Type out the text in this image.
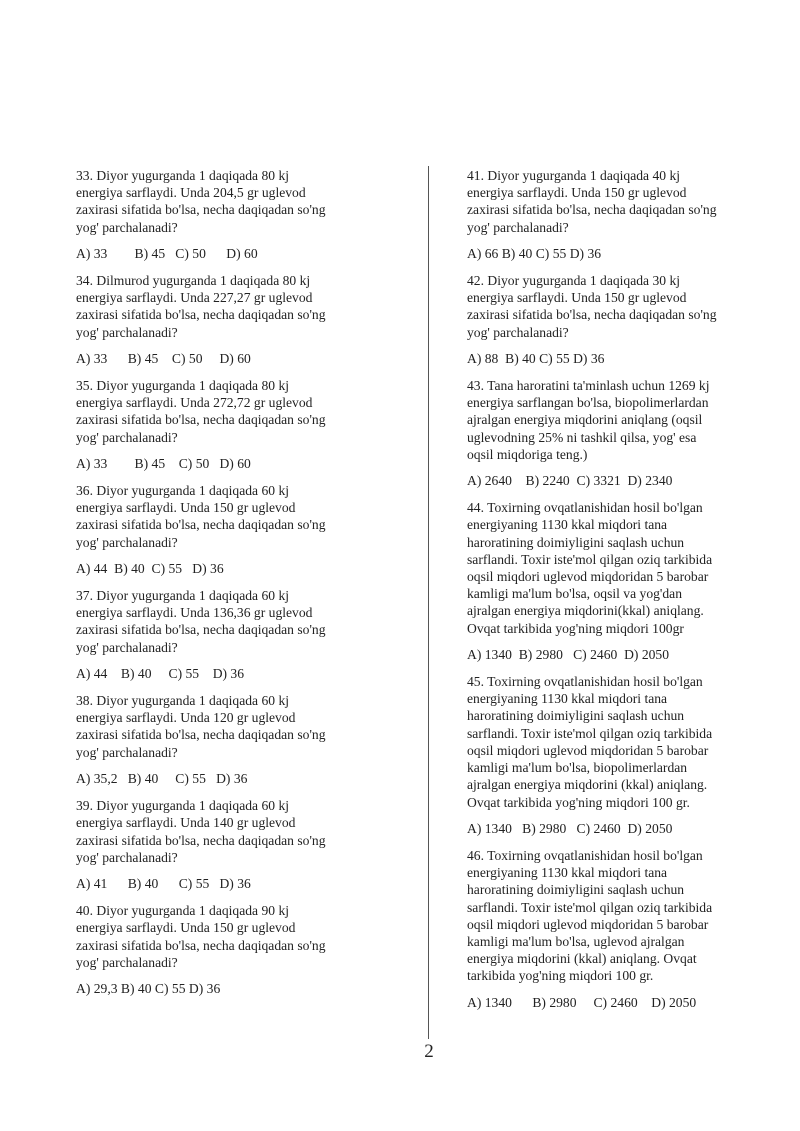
33. Diyor yugurganda 1 daqiqada 80 kj
energiya sarflaydi. Unda 204,5 gr uglevod
zaxirasi sifatida bo'lsa, necha daqiqadan so'ng
yog' parchalanadi?
A) 33        B) 45   C) 50      D) 60
34. Dilmurod yugurganda 1 daqiqada 80 kj
energiya sarflaydi. Unda 227,27 gr uglevod
zaxirasi sifatida bo'lsa, necha daqiqadan so'ng
yog' parchalanadi?
A) 33      B) 45    C) 50     D) 60
35. Diyor yugurganda 1 daqiqada 80 kj
energiya sarflaydi. Unda 272,72 gr uglevod
zaxirasi sifatida bo'lsa, necha daqiqadan so'ng
yog' parchalanadi?
A) 33        B) 45    C) 50   D) 60
36. Diyor yugurganda 1 daqiqada 60 kj
energiya sarflaydi. Unda 150 gr uglevod
zaxirasi sifatida bo'lsa, necha daqiqadan so'ng
yog' parchalanadi?
A) 44  B) 40  C) 55   D) 36
37. Diyor yugurganda 1 daqiqada 60 kj
energiya sarflaydi. Unda 136,36 gr uglevod
zaxirasi sifatida bo'lsa, necha daqiqadan so'ng
yog' parchalanadi?
A) 44    B) 40     C) 55    D) 36
38. Diyor yugurganda 1 daqiqada 60 kj
energiya sarflaydi. Unda 120 gr uglevod
zaxirasi sifatida bo'lsa, necha daqiqadan so'ng
yog' parchalanadi?
A) 35,2   B) 40     C) 55   D) 36
39. Diyor yugurganda 1 daqiqada 60 kj
energiya sarflaydi. Unda 140 gr uglevod
zaxirasi sifatida bo'lsa, necha daqiqadan so'ng
yog' parchalanadi?
A) 41      B) 40      C) 55   D) 36
40. Diyor yugurganda 1 daqiqada 90 kj
energiya sarflaydi. Unda 150 gr uglevod
zaxirasi sifatida bo'lsa, necha daqiqadan so'ng
yog' parchalanadi?
A) 29,3 B) 40 C) 55 D) 36
41. Diyor yugurganda 1 daqiqada 40 kj
energiya sarflaydi. Unda 150 gr uglevod
zaxirasi sifatida bo'lsa, necha daqiqadan so'ng
yog' parchalanadi?
A) 66 B) 40 C) 55 D) 36
42. Diyor yugurganda 1 daqiqada 30 kj
energiya sarflaydi. Unda 150 gr uglevod
zaxirasi sifatida bo'lsa, necha daqiqadan so'ng
yog' parchalanadi?
A) 88  B) 40 C) 55 D) 36
43. Tana haroratini ta'minlash uchun 1269 kj
energiya sarflangan bo'lsa, biopolimerlardan
ajralgan energiya miqdorini aniqlang (oqsil
uglevodning 25% ni tashkil qilsa, yog' esa
oqsil miqdoriga teng.)
A) 2640    B) 2240  C) 3321  D) 2340
44. Toxirning ovqatlanishidan hosil bo'lgan
energiyaning 1130 kkal miqdori tana
haroratining doimiyligini saqlash uchun
sarflandi. Toxir iste'mol qilgan oziq tarkibida
oqsil miqdori uglevod miqdoridan 5 barobar
kamligi ma'lum bo'lsa, oqsil va yog'dan
ajralgan energiya miqdorini(kkal) aniqlang.
Ovqat tarkibida yog'ning miqdori 100gr
A) 1340  B) 2980   C) 2460  D) 2050
45. Toxirning ovqatlanishidan hosil bo'lgan
energiyaning 1130 kkal miqdori tana
haroratining doimiyligini saqlash uchun
sarflandi. Toxir iste'mol qilgan oziq tarkibida
oqsil miqdori uglevod miqdoridan 5 barobar
kamligi ma'lum bo'lsa, biopolimerlardan
ajralgan energiya miqdorini (kkal) aniqlang.
Ovqat tarkibida yog'ning miqdori 100 gr.
A) 1340   B) 2980   C) 2460  D) 2050
46. Toxirning ovqatlanishidan hosil bo'lgan
energiyaning 1130 kkal miqdori tana
haroratining doimiyligini saqlash uchun
sarflandi. Toxir iste'mol qilgan oziq tarkibida
oqsil miqdori uglevod miqdoridan 5 barobar
kamligi ma'lum bo'lsa, uglevod ajralgan
energiya miqdorini (kkal) aniqlang. Ovqat
tarkibida yog'ning miqdori 100 gr.
A) 1340      B) 2980     C) 2460    D) 2050
2
